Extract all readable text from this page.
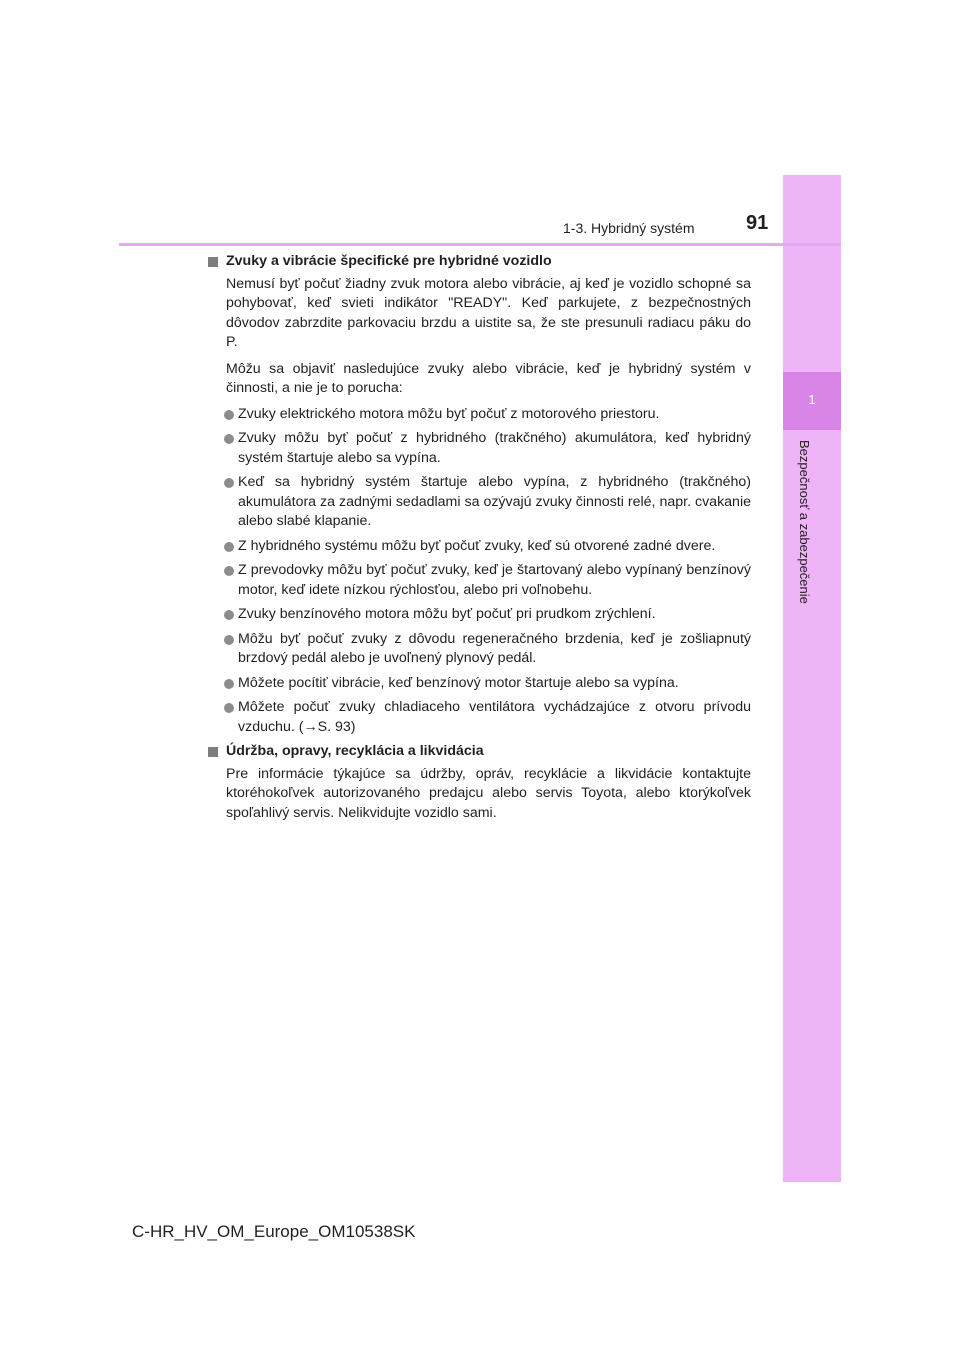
1
Bezpečnosť a zabezpečenie
1-3. Hybridný systém	91

Zvuky a vibrácie špecifické pre hybridné vozidlo

Nemusí byť počuť žiadny zvuk motora alebo vibrácie, aj keď je vozidlo schopné sa pohybovať, keď svieti indikátor "READY". Keď parkujete, z bezpečnostných dôvodov zabrzdite parkovaciu brzdu a uistite sa, že ste presunuli radiacu páku do P.

Môžu sa objaviť nasledujúce zvuky alebo vibrácie, keď je hybridný systém v činnosti, a nie je to porucha:

Zvuky elektrického motora môžu byť počuť z motorového priestoru.
Zvuky môžu byť počuť z hybridného (trakčného) akumulátora, keď hybridný systém štartuje alebo sa vypína.
Keď sa hybridný systém štartuje alebo vypína, z hybridného (trakčného) akumulátora za zadnými sedadlami sa ozývajú zvuky činnosti relé, napr. cvakanie alebo slabé klapanie.
Z hybridného systému môžu byť počuť zvuky, keď sú otvorené zadné dvere.
Z prevodovky môžu byť počuť zvuky, keď je štartovaný alebo vypínaný benzínový motor, keď idete nízkou rýchlosťou, alebo pri voľnobehu.
Zvuky benzínového motora môžu byť počuť pri prudkom zrýchlení.
Môžu byť počuť zvuky z dôvodu regeneračného brzdenia, keď je zošliapnutý brzdový pedál alebo je uvoľnený plynový pedál.
Môžete pocítiť vibrácie, keď benzínový motor štartuje alebo sa vypína.
Môžete počuť zvuky chladiaceho ventilátora vychádzajúce z otvoru prívodu vzduchu. (→S. 93)

Údržba, opravy, recyklácia a likvidácia

Pre informácie týkajúce sa údržby, opráv, recyklácie a likvidácie kontaktujte ktoréhokoľvek autorizovaného predajcu alebo servis Toyota, alebo ktorýkoľvek spoľahlivý servis. Nelikvidujte vozidlo sami.

C-HR_HV_OM_Europe_OM10538SK
